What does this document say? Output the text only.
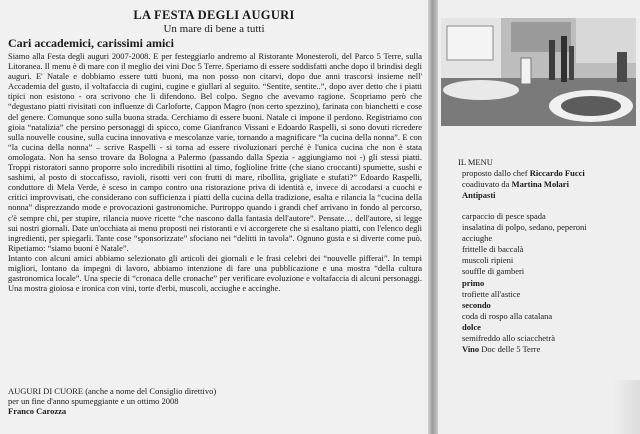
LA FESTA DEGLI AUGURI
Un mare di bene a tutti
Cari accademici, carissimi amici

Siamo alla Festa degli auguri 2007-2008. E per festeggiarlo andremo al Ristorante Monesteroli, del Parco 5 Terre, sulla Litoranea. Il menu è di mare con il meglio dei vini Doc 5 Terre. Speriamo di essere soddisfatti anche dopo il brindisi degli auguri. E' Natale e dobbiamo essere tutti buoni, ma non posso non citarvi, dopo due anni trascorsi insieme nell' Accademia del gusto, il voltafaccia di cugini, cugine e giullari al seguito. “Sentite, sentite..”, dopo aver detto che i piatti tipici non esistono - ora scrivono che li difendono. Bel colpo. Segno che avevamo ragione. Scopriamo però che “degustano piatti rivisitati con influenze di Carloforte, Cappon Magro (non certo spezzino), farinata con bianchetti e cose del genere. Comunque sono sulla buona strada. Cerchiamo di essere buoni. Natale ci impone il perdono. Registriamo con gioia “natalizia” che persino personaggi di spicco, come Gianfranco Vissani e Edoardo Raspelli, si sono dovuti ricredere sulla nouvelle cousine, sulla cucina innovativa e mescolanze varie, tornando a magnificare “la cucina della nonna”. E con “la cucina della nonna” – scrive Raspelli - si torna ad essere rivoluzionari perché è l'unica cucina che non è stata omologata. Non ha senso trovare da Bologna a Palermo (passando dalla Spezia - aggiungiamo noi -) gli stessi piatti. Troppi ristoratori sanno proporre solo incredibili risottini al timo, foglioline fritte (che siano croccanti) spumette, sushi e sashimi, al posto di stoccafisso, ravioli, risotti veri con frutti di mare, ribollita, grigliate e stufati?” Edoardo Raspelli, conduttore di Mela Verde, è sceso in campo contro una ristorazione priva di identità e, invece di accodarsi a cuochi e critici improvvisati, che considerano con sufficienza i piatti della cucina della tradizione, esalta e rilancia la “cucina della nonna” disprezzando mode e provocazioni gastronomiche. Purtroppo quando i grandi chef arrivano in fondo al percorso, c'è sempre chi, per stupire, rilancia nuove ricette “che nascono dalla fantasia dell'autore”. Pensate… dell'autore, si legge sui nostri giornali. Date un'occhiata ai menu proposti nei ristoranti e vi accorgerete che si esaltano piatti, con l'elenco degli ingredienti, per spiegarli. Tante cose “sponsorizzate” sfociano nei “delitti in tavola”. Ognuno gusta e si diverte come può. Ripetiamo: “siamo buoni è Natale”.

Intanto con alcuni amici abbiamo selezionato gli articoli dei giornali e le frasi celebri dei “nouvelle pifferai”. In tempi migliori, lontano da impegni di lavoro, abbiamo intenzione di fare una pubblicazione e una mostra “della cultura gastronomica locale”. Una specie di “cronaca delle cronache” per verificare evoluzione e voltafaccia di alcuni personaggi. Una mostra gioiosa e ironica con vini, torte d'erbi, muscoli, acciughe e accinghe.

AUGURI DI CUORE (anche a nome del Consiglio direttivo)
per un fine d'anno spumeggiante e un ottimo 2008
Franco Carozza
IL MENU
proposto dallo chef Riccardo Fucci
coadiuvato da Martina Molari
Antipasti
carpaccio di pesce spada
insalatina di polpo, sedano, peperoni
acciughe
frittelle di baccalà
muscoli ripieni
souffle di gamberi
primo
trofiette all'astice
secondo
coda di rospo alla catalana
dolce
semifreddo allo sciacchetrà
Vino Doc delle 5 Terre
